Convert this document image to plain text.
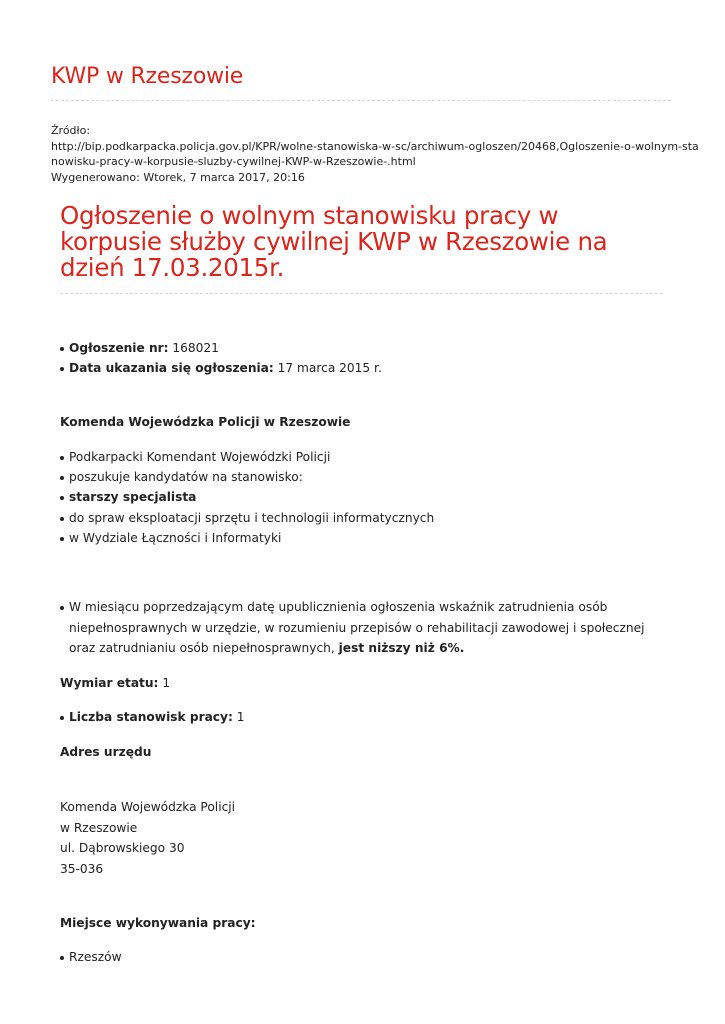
KWP w Rzeszowie
Źródło:
http://bip.podkarpacka.policja.gov.pl/KPR/wolne-stanowiska-w-sc/archiwum-ogloszen/20468,Ogloszenie-o-wolnym-sta
nowisku-pracy-w-korpusie-sluzby-cywilnej-KWP-w-Rzeszowie-.html
Wygenerowano: Wtorek, 7 marca 2017, 20:16
Ogłoszenie o wolnym stanowisku pracy w korpusie służby cywilnej KWP w Rzeszowie na dzień 17.03.2015r.
Ogłoszenie nr: 168021
Data ukazania się ogłoszenia: 17 marca 2015 r.
Komenda Wojewódzka Policji w Rzeszowie
Podkarpacki Komendant Wojewódzki Policji
poszukuje kandydatów na stanowisko:
starszy specjalista
do spraw eksploatacji sprzętu i technologii informatycznych
w Wydziale Łączności i Informatyki
W miesiącu poprzedzającym datę upublicznienia ogłoszenia wskaźnik zatrudnienia osób niepełnosprawnych w urzędzie, w rozumieniu przepisów o rehabilitacji zawodowej i społecznej oraz zatrudnianiu osób niepełnosprawnych, jest niższy niż 6%.
Wymiar etatu: 1
Liczba stanowisk pracy: 1
Adres urzędu
Komenda Wojewódzka Policji
w Rzeszowie
ul. Dąbrowskiego 30
35-036
Miejsce wykonywania pracy:
Rzeszów
